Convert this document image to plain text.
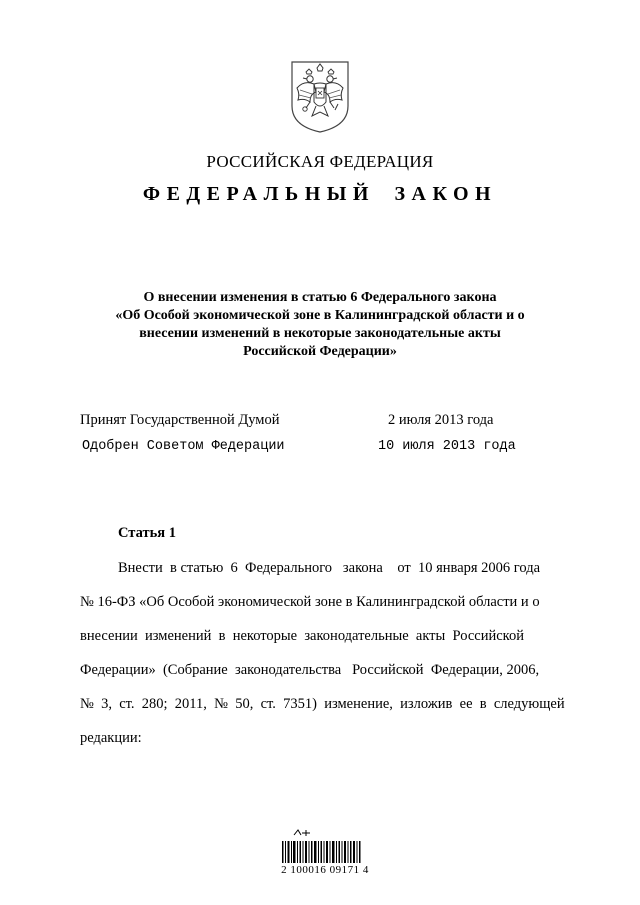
РОССИЙСКАЯ ФЕДЕРАЦИЯ
ФЕДЕРАЛЬНЫЙ ЗАКОН
О внесении изменения в статью 6 Федерального закона
«Об Особой экономической зоне в Калининградской области и о
внесении изменений в некоторые законодательные акты
Российской Федерации»
Принят Государственной Думой	2 июля 2013 года
Одобрен Советом Федерации	10 июля 2013 года
Статья 1
Внести  в статью  6  Федерального   закона    от  10 января 2006 года
№ 16-ФЗ «Об Особой экономической зоне в Калининградской области и о
внесении  изменений  в  некоторые  законодательные  акты  Российской
Федерации»  (Собрание  законодательства   Российской  Федерации, 2006,
№  3,  ст.  280;  2011,  №  50,  ст.  7351)  изменение,  изложив  ее  в  следующей
редакции:
2 100016 09171 4
